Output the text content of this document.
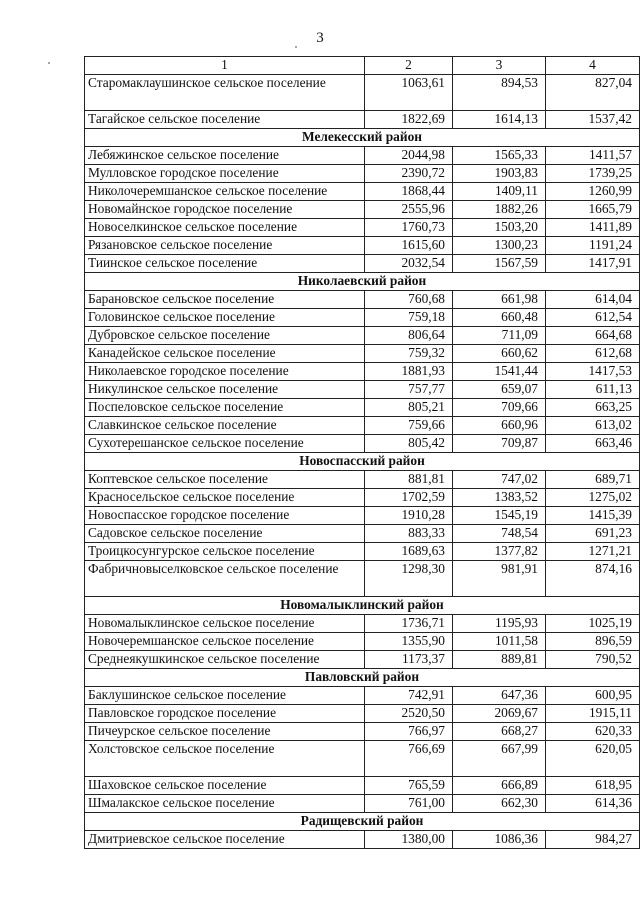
3
1	2	3	4
Старомаклаушинское сельское поселение	1063,61	894,53	827,04
Тагайское сельское поселение	1822,69	1614,13	1537,42
Мелекесский район			
Лебяжинское сельское поселение	2044,98	1565,33	1411,57
Мулловское городское поселение	2390,72	1903,83	1739,25
Николочеремшанское сельское поселение	1868,44	1409,11	1260,99
Новомайнское городское поселение	2555,96	1882,26	1665,79
Новоселкинское сельское поселение	1760,73	1503,20	1411,89
Рязановское сельское поселение	1615,60	1300,23	1191,24
Тиинское сельское поселение	2032,54	1567,59	1417,91
Николаевский район			
Барановское сельское поселение	760,68	661,98	614,04
Головинское сельское поселение	759,18	660,48	612,54
Дубровское сельское поселение	806,64	711,09	664,68
Канадейское сельское поселение	759,32	660,62	612,68
Николаевское городское поселение	1881,93	1541,44	1417,53
Никулинское сельское поселение	757,77	659,07	611,13
Поспеловское сельское поселение	805,21	709,66	663,25
Славкинское сельское поселение	759,66	660,96	613,02
Сухотерешанское сельское поселение	805,42	709,87	663,46
Новоспасский район			
Коптевское сельское поселение	881,81	747,02	689,71
Красносельское сельское поселение	1702,59	1383,52	1275,02
Новоспасское городское поселение	1910,28	1545,19	1415,39
Садовское сельское поселение	883,33	748,54	691,23
Троицкосунгурское сельское поселение	1689,63	1377,82	1271,21
Фабричновыселковское сельское поселение	1298,30	981,91	874,16
Новомалыклинский район			
Новомалыклинское сельское поселение	1736,71	1195,93	1025,19
Новочеремшанское сельское поселение	1355,90	1011,58	896,59
Среднеякушкинское сельское поселение	1173,37	889,81	790,52
Павловский район			
Баклушинское сельское поселение	742,91	647,36	600,95
Павловское городское поселение	2520,50	2069,67	1915,11
Пичеурское сельское поселение	766,97	668,27	620,33
Холстовское сельское поселение	766,69	667,99	620,05
Шаховское сельское поселение	765,59	666,89	618,95
Шмалакское сельское поселение	761,00	662,30	614,36
Радищевский район			
Дмитриевское сельское поселение	1380,00	1086,36	984,27
